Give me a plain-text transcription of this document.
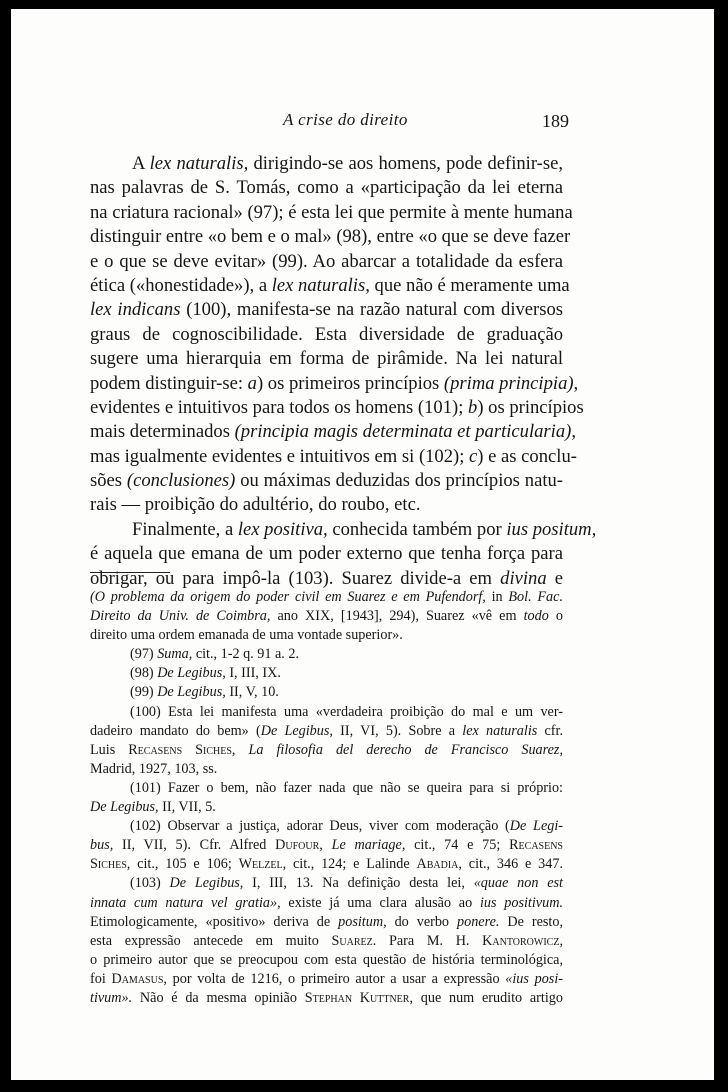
A crise do direito	189
A lex naturalis, dirigindo-se aos homens, pode definir-se,
nas palavras de S. Tomás, como a «participação da lei eterna
na criatura racional» (97); é esta lei que permite à mente humana
distinguir entre «o bem e o mal» (98), entre «o que se deve fazer
e o que se deve evitar» (99). Ao abarcar a totalidade da esfera
ética («honestidade»), a lex naturalis, que não é meramente uma
lex indicans (100), manifesta-se na razão natural com diversos
graus de cognoscibilidade. Esta diversidade de graduação
sugere uma hierarquia em forma de pirâmide. Na lei natural
podem distinguir-se: a) os primeiros princípios (prima principia),
evidentes e intuitivos para todos os homens (101); b) os princípios
mais determinados (principia magis determinata et particularia),
mas igualmente evidentes e intuitivos em si (102); c) e as conclu-
sões (conclusiones) ou máximas deduzidas dos princípios natu-
rais — proibição do adultério, do roubo, etc.
Finalmente, a lex positiva, conhecida também por ius positum,
é aquela que emana de um poder externo que tenha força para
obrigar, ou para impô-la (103). Suarez divide-a em divina e
(O problema da origem do poder civil em Suarez e em Pufendorf, in Bol. Fac.
Direito da Univ. de Coimbra, ano XIX, [1943], 294), Suarez «vê em todo o
direito uma ordem emanada de uma vontade superior».
(97) Suma, cit., 1-2 q. 91 a. 2.
(98) De Legibus, I, III, IX.
(99) De Legibus, II, V, 10.
(100) Esta lei manifesta uma «verdadeira proibição do mal e um ver-
dadeiro mandato do bem» (De Legibus, II, VI, 5). Sobre a lex naturalis cfr.
Luis Recasens Siches, La filosofia del derecho de Francisco Suarez,
Madrid, 1927, 103, ss.
(101) Fazer o bem, não fazer nada que não se queira para si próprio:
De Legibus, II, VII, 5.
(102) Observar a justiça, adorar Deus, viver com moderação (De Legi-
bus, II, VII, 5). Cfr. Alfred Dufour, Le mariage, cit., 74 e 75; Recasens
Siches, cit., 105 e 106; Welzel, cit., 124; e Lalinde Abadia, cit., 346 e 347.
(103) De Legibus, I, III, 13. Na definição desta lei, «quae non est
innata cum natura vel gratia», existe já uma clara alusão ao ius positivum.
Etimologicamente, «positivo» deriva de positum, do verbo ponere. De resto,
esta expressão antecede em muito Suarez. Para M. H. Kantorowicz,
o primeiro autor que se preocupou com esta questão de história terminológica,
foi Damasus, por volta de 1216, o primeiro autor a usar a expressão «ius posi-
tivum». Não é da mesma opinião Stephan Kuttner, que num erudito artigo
